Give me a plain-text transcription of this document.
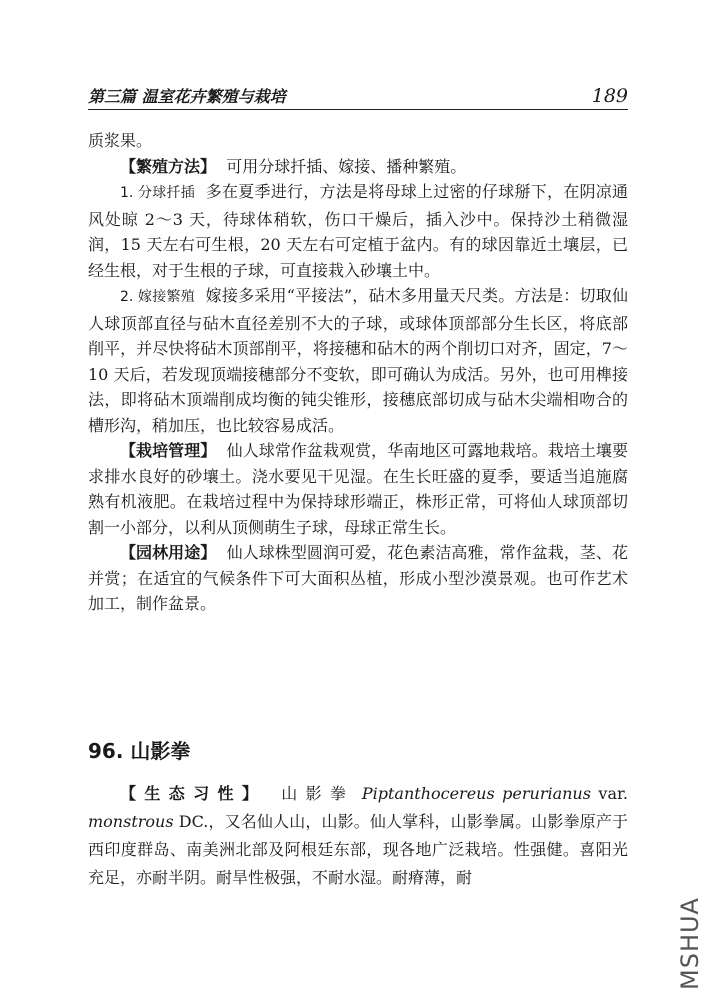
第三篇 温室花卉繁殖与栽培	189

质浆果。

【繁殖方法】 可用分球扦插、嫁接、播种繁殖。

1. 分球扦插 多在夏季进行，方法是将母球上过密的仔球掰下，在阴凉通风处晾 2～3 天，待球体稍软，伤口干燥后，插入沙中。保持沙土稍微湿润，15 天左右可生根，20 天左右可定植于盆内。有的球因靠近土壤层，已经生根，对于生根的子球，可直接栽入砂壤土中。

2. 嫁接繁殖 嫁接多采用“平接法”，砧木多用量天尺类。方法是：切取仙人球顶部直径与砧木直径差别不大的子球，或球体顶部部分生长区，将底部削平，并尽快将砧木顶部削平，将接穗和砧木的两个削切口对齐，固定，7～10 天后，若发现顶端接穗部分不变软，即可确认为成活。另外，也可用榫接法，即将砧木顶端削成均衡的钝尖锥形，接穗底部切成与砧木尖端相吻合的槽形沟，稍加压，也比较容易成活。

【栽培管理】 仙人球常作盆栽观赏，华南地区可露地栽培。栽培土壤要求排水良好的砂壤土。浇水要见干见湿。在生长旺盛的夏季，要适当追施腐熟有机液肥。在栽培过程中为保持球形端正，株形正常，可将仙人球顶部切割一小部分，以利从顶侧萌生子球，母球正常生长。

【园林用途】 仙人球株型圆润可爱，花色素洁高雅，常作盆栽，茎、花并赏；在适宜的气候条件下可大面积丛植，形成小型沙漠景观。也可作艺术加工，制作盆景。

96. 山影拳

【生态习性】 山影拳 Piptanthocereus perurianus var. monstrous DC.，又名仙人山，山影。仙人掌科，山影拳属。山影拳原产于西印度群岛、南美洲北部及阿根廷东部，现各地广泛栽培。性强健。喜阳光充足，亦耐半阴。耐旱性极强，不耐水湿。耐瘠薄，耐

MSHUA
